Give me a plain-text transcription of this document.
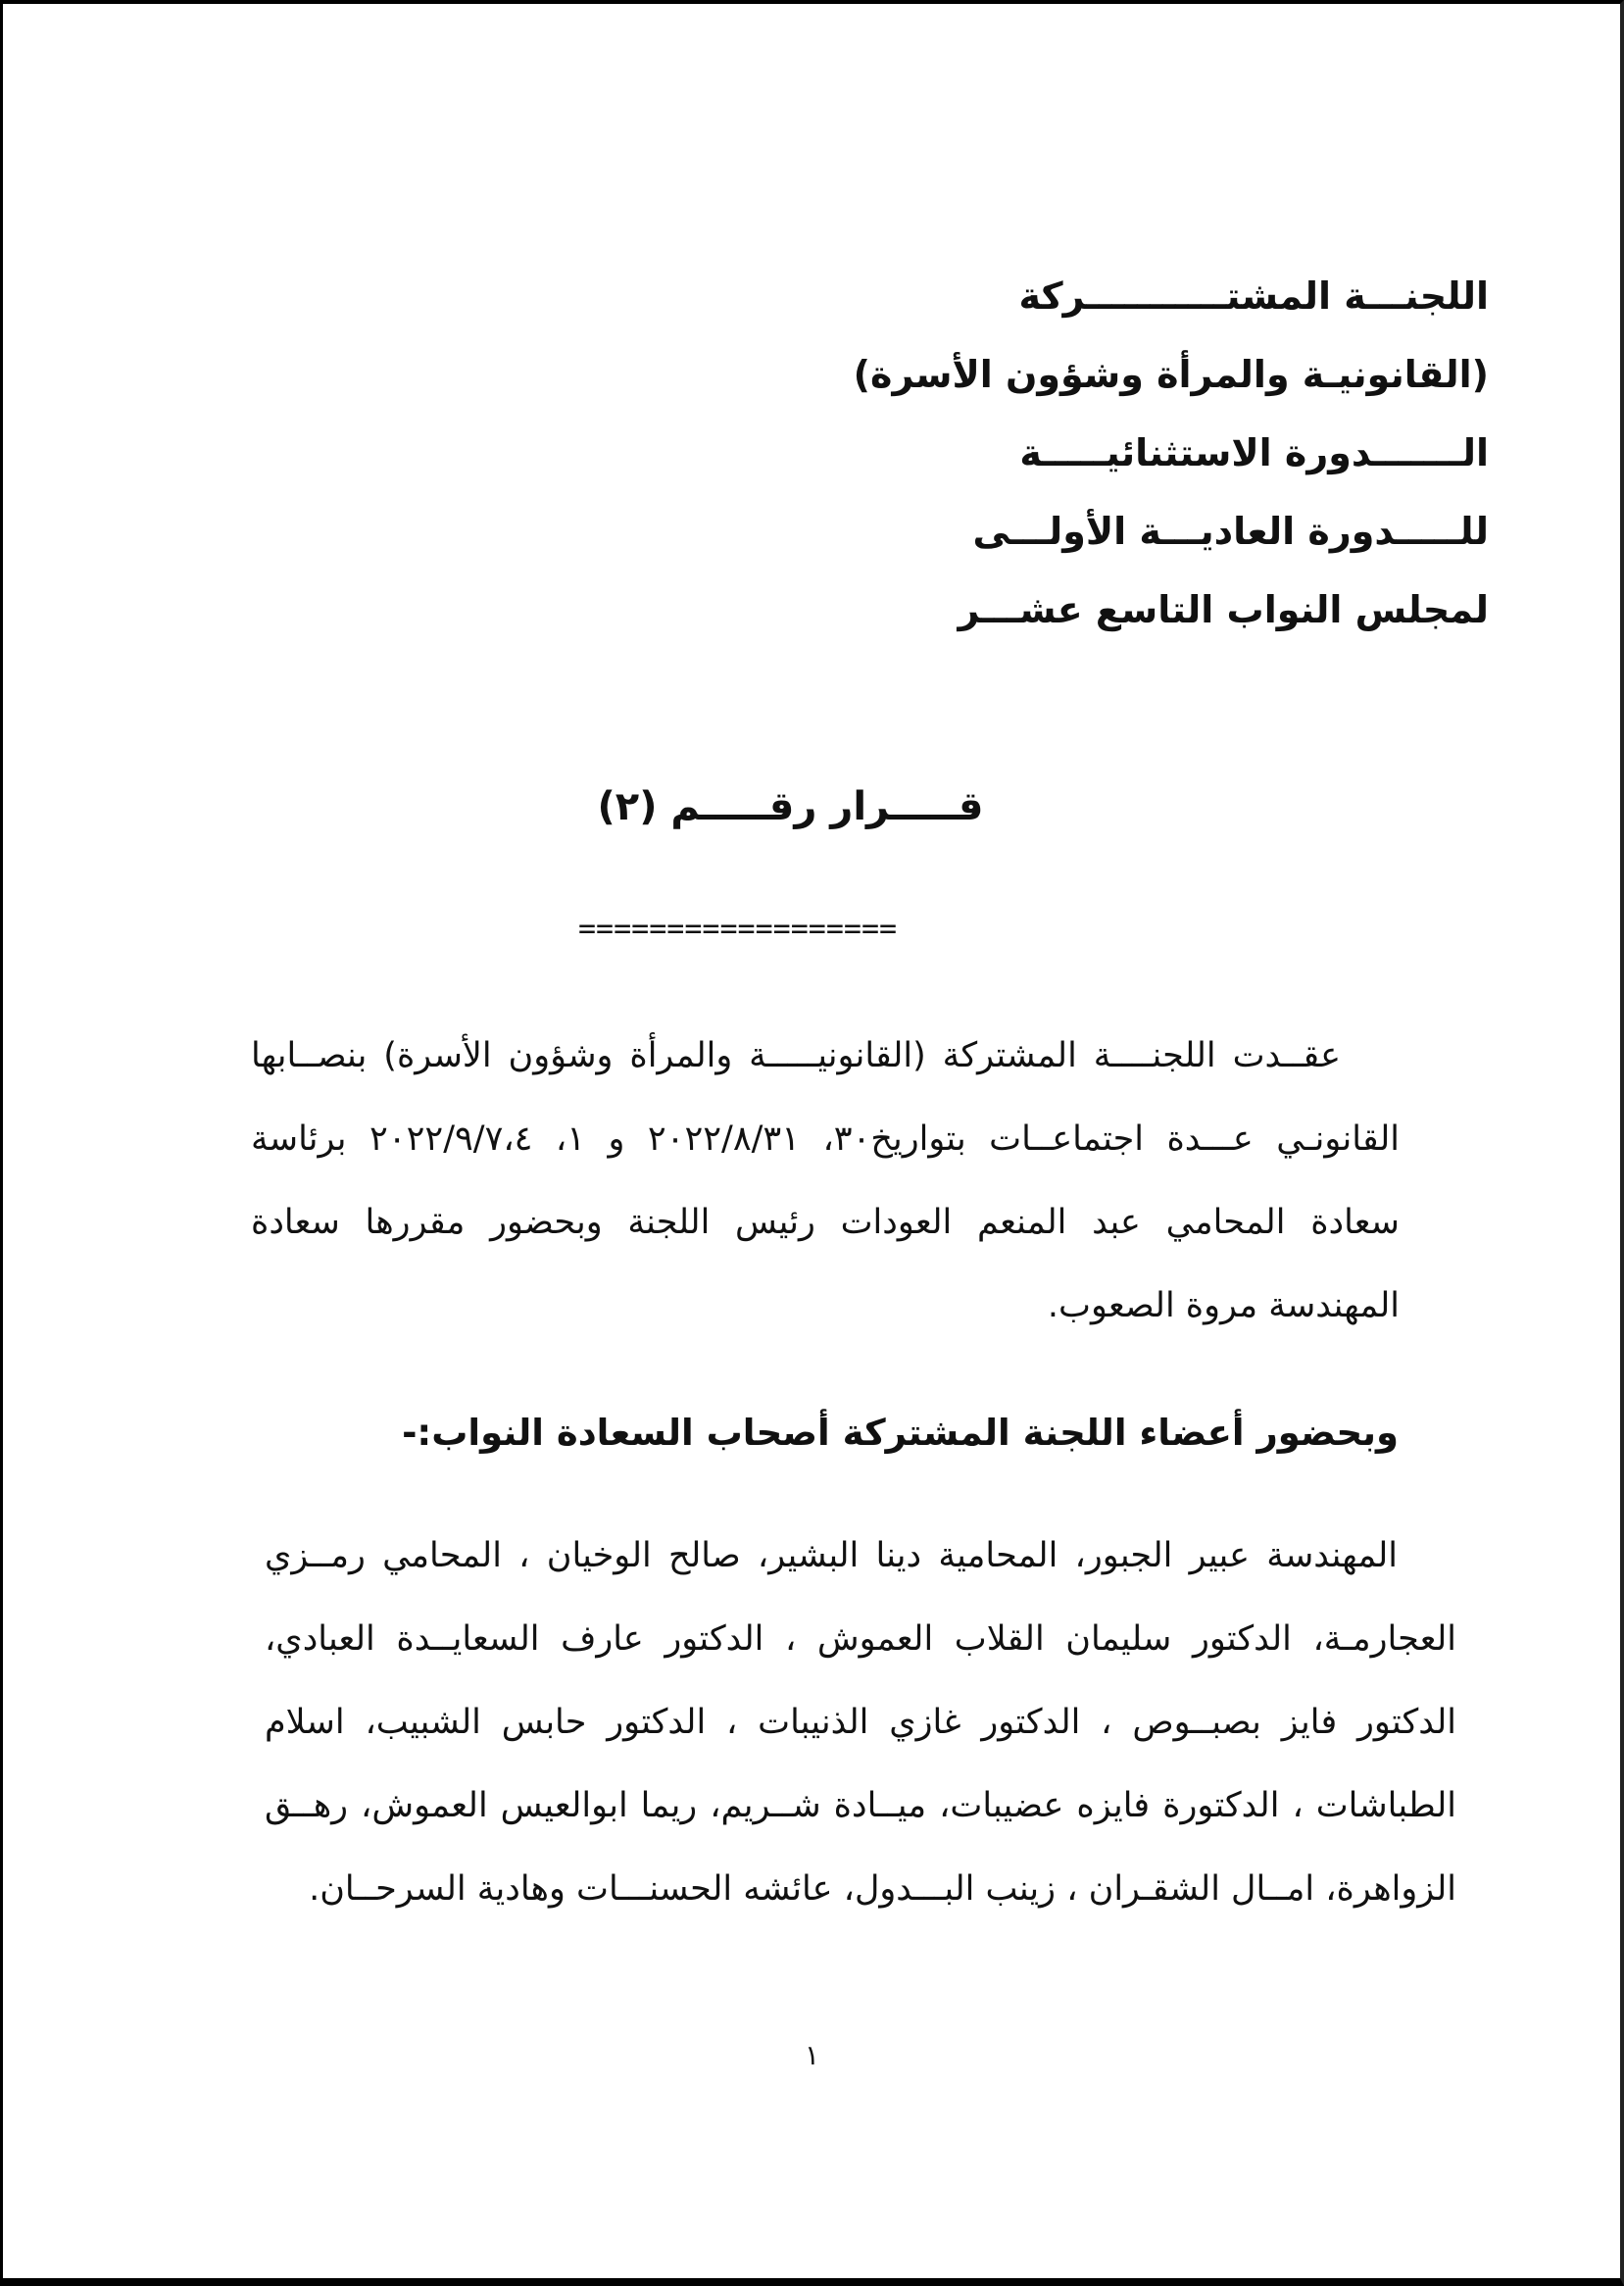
اللجنـــة المشتـــــــــــركة
(القانونيـة والمرأة وشؤون الأسرة)
الـــــــدورة الاستثنائيـــــة
للـــــدورة العاديـــة الأولـــى
لمجلس النواب التاسع عشـــر
قـــــرار رقـــــم (٢)
==================

عقــدت اللجنــــة المشتركة (القانونيـــــة والمرأة وشؤون الأسرة) بنصــابها القانونـي عـــدة اجتماعــات بتواريخ٣٠، ٢٠٢٢/٨/٣١ و ١، ٢٠٢٢/٩/٧،٤ برئاسة سعادة المحامي عبد المنعم العودات رئيس اللجنة وبحضور مقررها سعادة المهندسة مروة الصعوب.

وبحضور أعضاء اللجنة المشتركة أصحاب السعادة النواب:-

المهندسة عبير الجبور، المحامية دينا البشير، صالح الوخيان ، المحامي رمــزي العجارمـة، الدكتور سليمان القلاب العموش ، الدكتور عارف السعايــدة العبادي، الدكتور فايز بصبــوص ، الدكتور غازي الذنيبات ، الدكتور حابس الشبيب، اسلام الطباشات ، الدكتورة فايزه عضيبات، ميــادة شــريم، ريما ابوالعيس العموش، رهــق الزواهرة، امــال الشقـران ، زينب البـــدول، عائشه الحسنـــات وهادية السرحــان.

١
